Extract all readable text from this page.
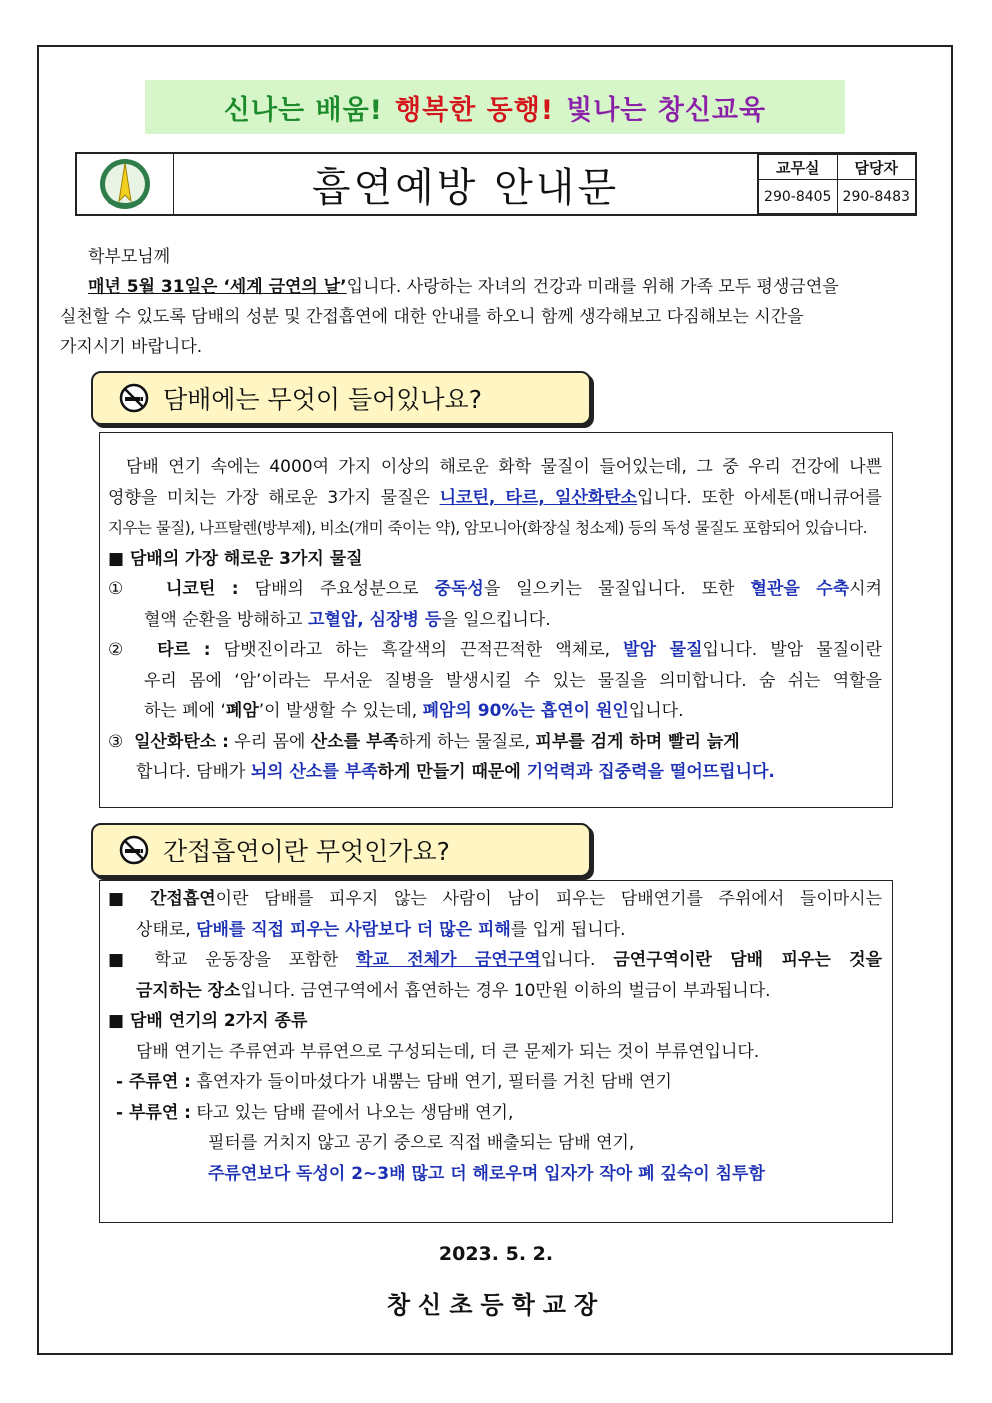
신나는 배움! 행복한 동행! 빛나는 창신교육
흡연예방 안내문	교무실	담당자
290-8405	290-8483

학부모님께

매년 5월 31일은 ‘세계 금연의 날’입니다. 사랑하는 자녀의 건강과 미래를 위해 가족 모두 평생금연을

실천할 수 있도록 담배의 성분 및 간접흡연에 대한 안내를 하오니 함께 생각해보고 다짐해보는 시간을

가지시기 바랍니다.

담배에는 무엇이 들어있나요?

담배 연기 속에는 4000여 가지 이상의 해로운 화학 물질이 들어있는데, 그 중 우리 건강에 나쁜

영향을 미치는 가장 해로운 3가지 물질은 니코틴, 타르, 일산화탄소입니다. 또한 아세톤(매니큐어를

지우는 물질), 나프탈렌(방부제), 비소(개미 죽이는 약), 암모니아(화장실 청소제) 등의 독성 물질도 포함되어 있습니다.

■ 담배의 가장 해로운 3가지 물질

① 니코틴 : 담배의 주요성분으로 중독성을 일으키는 물질입니다. 또한 혈관을 수축시켜

혈액 순환을 방해하고 고혈압, 심장병 등을 일으킵니다.

② 타르 : 담뱃진이라고 하는 흑갈색의 끈적끈적한 액체로, 발암 물질입니다. 발암 물질이란

우리 몸에 ‘암’이라는 무서운 질병을 발생시킬 수 있는 물질을 의미합니다. 숨 쉬는 역할을

하는 폐에 ‘폐암’이 발생할 수 있는데, 폐암의 90%는 흡연이 원인입니다.

③ 일산화탄소 : 우리 몸에 산소를 부족하게 하는 물질로, 피부를 검게 하며 빨리 늙게

합니다. 담배가 뇌의 산소를 부족하게 만들기 때문에 기억력과 집중력을 떨어뜨립니다.

간접흡연이란 무엇인가요?

■ 간접흡연이란 담배를 피우지 않는 사람이 남이 피우는 담배연기를 주위에서 들이마시는

상태로, 담배를 직접 피우는 사람보다 더 많은 피해를 입게 됩니다.

■ 학교 운동장을 포함한 학교 전체가 금연구역입니다. 금연구역이란 담배 피우는 것을

금지하는 장소입니다. 금연구역에서 흡연하는 경우 10만원 이하의 벌금이 부과됩니다.

■ 담배 연기의 2가지 종류

담배 연기는 주류연과 부류연으로 구성되는데, 더 큰 문제가 되는 것이 부류연입니다.

- 주류연 : 흡연자가 들이마셨다가 내뿜는 담배 연기, 필터를 거친 담배 연기

- 부류연 : 타고 있는 담배 끝에서 나오는 생담배 연기,

필터를 거치지 않고 공기 중으로 직접 배출되는 담배 연기,

주류연보다 독성이 2~3배 많고 더 해로우며 입자가 작아 폐 깊숙이 침투함

2023. 5. 2.
창신초등학교장
